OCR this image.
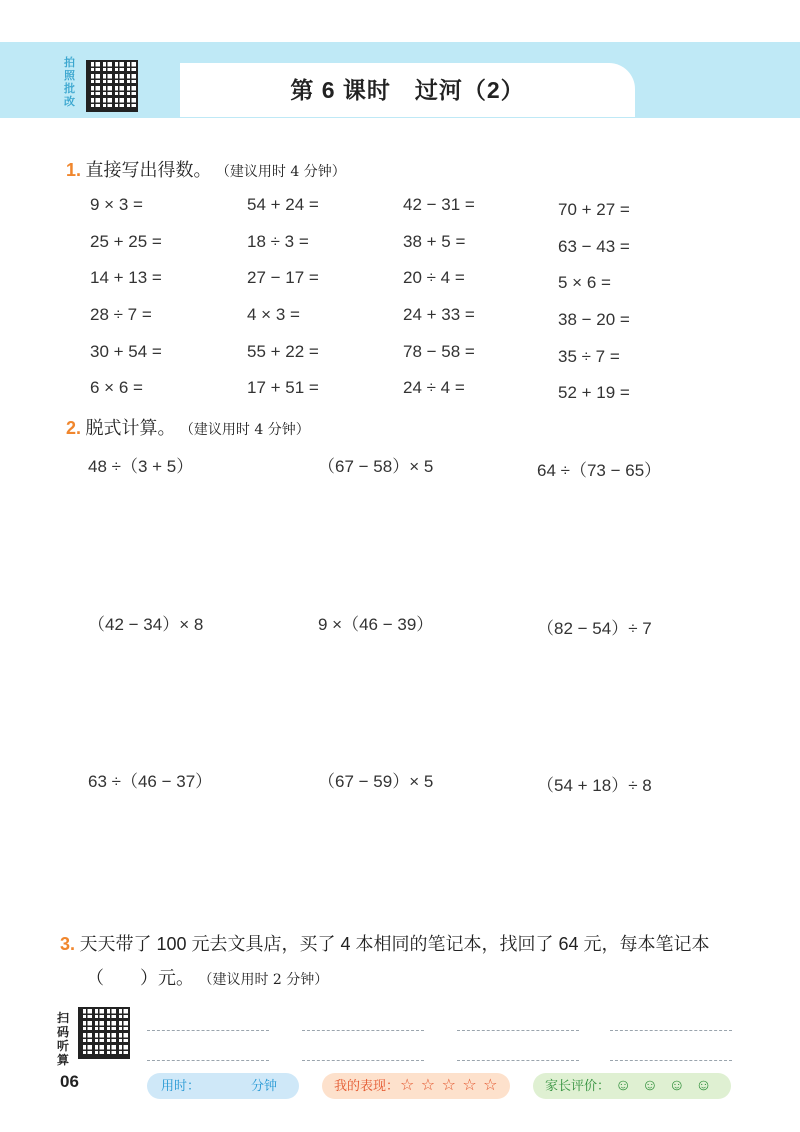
第 6 课时　过河（2）
拍照批改
1. 直接写出得数。 （建议用时 4 分钟）
9 × 3 =	54 + 24 =	42 − 31 =	70 + 27 =
25 + 25 =	18 ÷ 3 =	38 + 5 =	63 − 43 =
14 + 13 =	27 − 17 =	20 ÷ 4 =	5 × 6 =
28 ÷ 7 =	4 × 3 =	24 + 33 =	38 − 20 =
30 + 54 =	55 + 22 =	78 − 58 =	35 ÷ 7 =
6 × 6 =	17 + 51 =	24 ÷ 4 =	52 + 19 =
2. 脱式计算。 （建议用时 4 分钟）
48 ÷（3 + 5）	（67 − 58）× 5	64 ÷（73 − 65）
（42 − 34）× 8	9 ×（46 − 39）	（82 − 54）÷ 7
63 ÷（46 − 37）	（67 − 59）× 5	（54 + 18）÷ 8
3. 天天带了 100 元去文具店，买了 4 本相同的笔记本，找回了 64 元，每本笔记本
（　　）元。 （建议用时 2 分钟）
扫码听算
06	用时：	分钟	我的表现： ☆ ☆ ☆ ☆ ☆	家长评价： ☺ ☺ ☺ ☺
